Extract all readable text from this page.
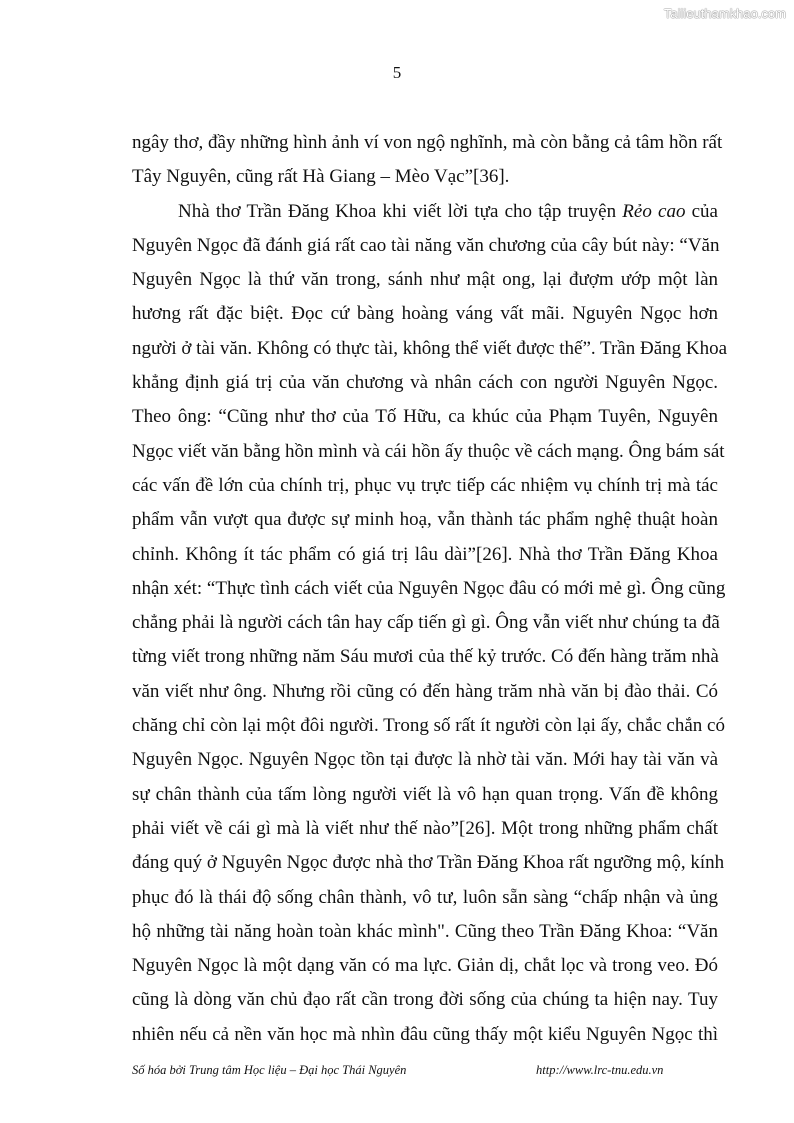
Tailieuthamkhao.com
5
ngây thơ, đầy những hình ảnh ví von ngộ nghĩnh, mà còn bằng cả tâm hồn rất
Tây Nguyên, cũng rất Hà Giang – Mèo Vạc”[36].
Nhà thơ Trần Đăng Khoa khi viết lời tựa cho tập truyện Rẻo cao của
Nguyên Ngọc đã đánh giá rất cao tài năng văn chương của cây bút này: “Văn
Nguyên Ngọc là thứ văn trong, sánh như mật ong, lại đượm ướp một làn
hương rất đặc biệt. Đọc cứ bàng hoàng váng vất mãi. Nguyên Ngọc hơn
người ở tài văn. Không có thực tài, không thể viết được thế”. Trần Đăng Khoa
khẳng định giá trị của văn chương và nhân cách con người Nguyên Ngọc.
Theo ông: “Cũng như thơ của Tố Hữu, ca khúc của Phạm Tuyên, Nguyên
Ngọc viết văn bằng hồn mình và cái hồn ấy thuộc về cách mạng. Ông bám sát
các vấn đề lớn của chính trị, phục vụ trực tiếp các nhiệm vụ chính trị mà tác
phẩm vẫn vượt qua được sự minh hoạ, vẫn thành tác phẩm nghệ thuật hoàn
chỉnh. Không ít tác phẩm có giá trị lâu dài”[26]. Nhà thơ Trần Đăng Khoa
nhận xét: “Thực tình cách viết của Nguyên Ngọc đâu có mới mẻ gì. Ông cũng
chẳng phải là người cách tân hay cấp tiến gì gì. Ông vẫn viết như chúng ta đã
từng viết trong những năm Sáu mươi của thế kỷ trước. Có đến hàng trăm nhà
văn viết như ông. Nhưng rồi cũng có đến hàng trăm nhà văn bị đào thải. Có
chăng chỉ còn lại một đôi người. Trong số rất ít người còn lại ấy, chắc chắn có
Nguyên Ngọc. Nguyên Ngọc tồn tại được là nhờ tài văn. Mới hay tài văn và
sự chân thành của tấm lòng người viết là vô hạn quan trọng. Vấn đề không
phải viết về cái gì mà là viết như thế nào”[26]. Một trong những phẩm chất
đáng quý ở Nguyên Ngọc được nhà thơ Trần Đăng Khoa rất ngưỡng mộ, kính
phục đó là thái độ sống chân thành, vô tư, luôn sẵn sàng “chấp nhận và ủng
hộ những tài năng hoàn toàn khác mình". Cũng theo Trần Đăng Khoa: “Văn
Nguyên Ngọc là một dạng văn có ma lực. Giản dị, chắt lọc và trong veo. Đó
cũng là dòng văn chủ đạo rất cần trong đời sống của chúng ta hiện nay. Tuy
nhiên nếu cả nền văn học mà nhìn đâu cũng thấy một kiểu Nguyên Ngọc thì
Số hóa bởi Trung tâm Học liệu – Đại học Thái Nguyên	http://www.lrc-tnu.edu.vn
